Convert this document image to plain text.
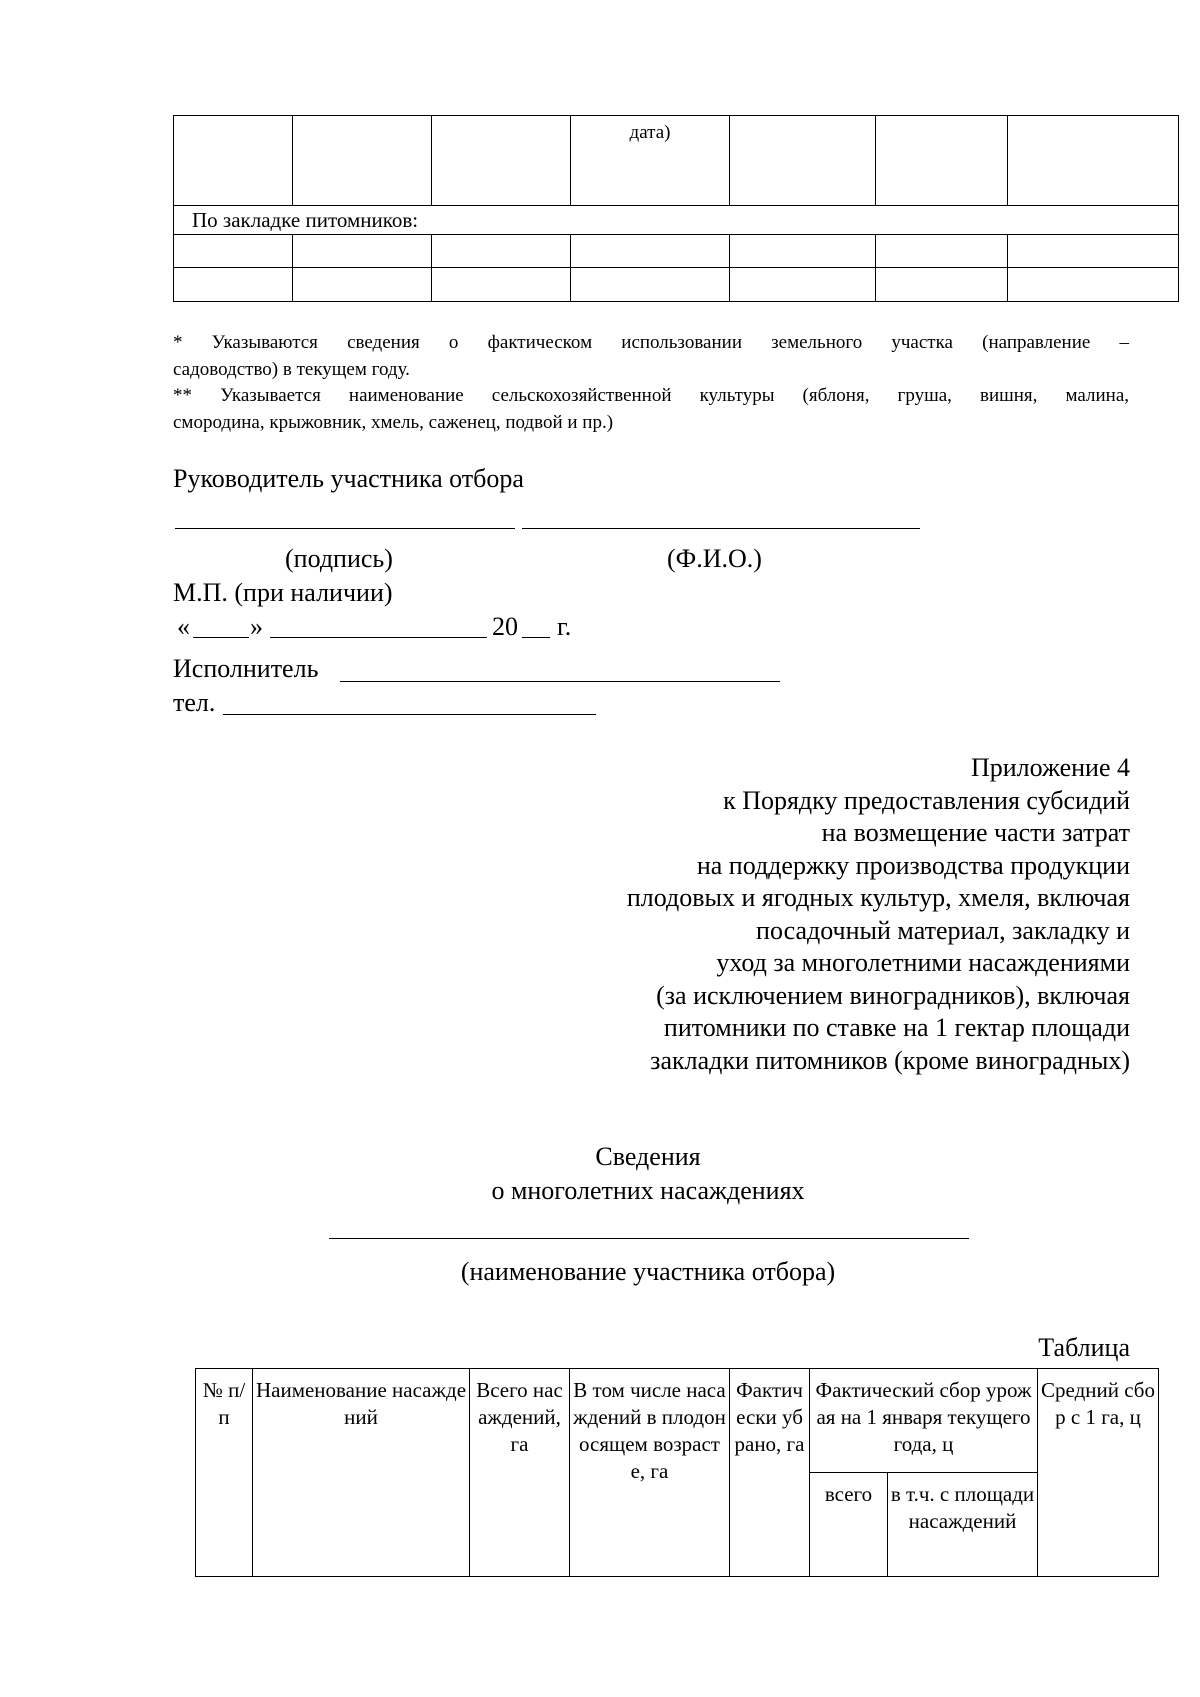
			дата)			
По закладке питомников:						

* Указываются сведения о фактическом использовании земельного участка (направление –
садоводство) в текущем году.
** Указывается наименование сельскохозяйственной культуры (яблоня, груша, вишня, малина,
смородина, крыжовник, хмель, саженец, подвой и пр.)
Руководитель участника отбора
(подпись)	(Ф.И.О.)
М.П. (при наличии)
« »	20 г.
Исполнитель
тел.
Приложение 4
к Порядку предоставления субсидий
на возмещение части затрат
на поддержку производства продукции
плодовых и ягодных культур, хмеля, включая
посадочный материал, закладку и
уход за многолетними насаждениями
(за исключением виноградников), включая
питомники по ставке на 1 гектар площади
закладки питомников (кроме виноградных)
Сведения
о многолетних насаждениях
(наименование участника отбора)
Таблица
№ п/п	Наименование насаждений	Всего насаждений, га	В том числе насаждений в плодоносящем возрасте, га	Фактически убрано, га	Фактический сбор урожая на 1 января текущего года, ц		Средний сбор с 1 га, ц
					всего	в т.ч. с площади насаждений	
